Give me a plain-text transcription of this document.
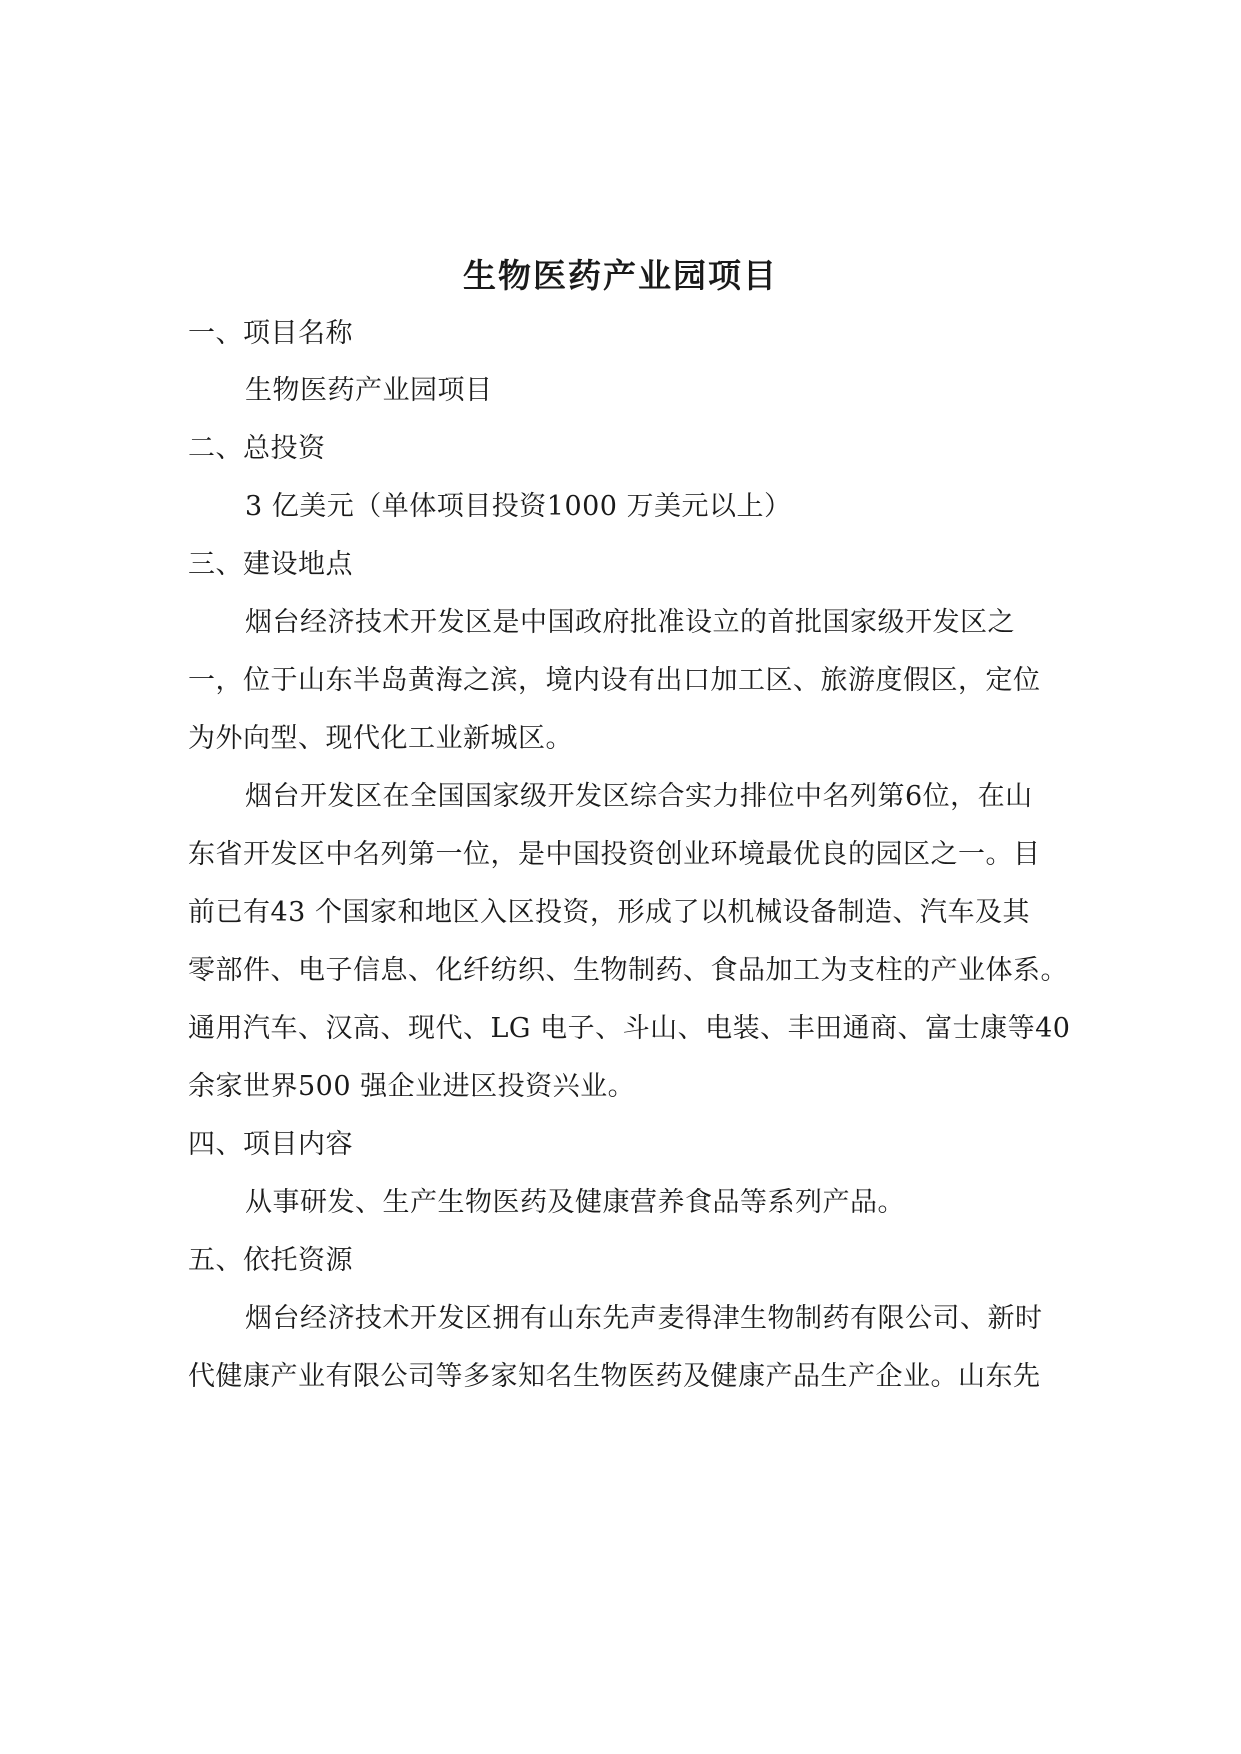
生物医药产业园项目
一、项目名称
生物医药产业园项目
二、总投资
3 亿美元（单体项目投资1000 万美元以上）
三、建设地点
烟台经济技术开发区是中国政府批准设立的首批国家级开发区之
一，位于山东半岛黄海之滨，境内设有出口加工区、旅游度假区，定位
为外向型、现代化工业新城区。
烟台开发区在全国国家级开发区综合实力排位中名列第6位，在山
东省开发区中名列第一位，是中国投资创业环境最优良的园区之一。目
前已有43 个国家和地区入区投资，形成了以机械设备制造、汽车及其
零部件、电子信息、化纤纺织、生物制药、食品加工为支柱的产业体系。
通用汽车、汉高、现代、LG 电子、斗山、电装、丰田通商、富士康等40
余家世界500 强企业进区投资兴业。
四、项目内容
从事研发、生产生物医药及健康营养食品等系列产品。
五、依托资源
烟台经济技术开发区拥有山东先声麦得津生物制药有限公司、新时
代健康产业有限公司等多家知名生物医药及健康产品生产企业。山东先
